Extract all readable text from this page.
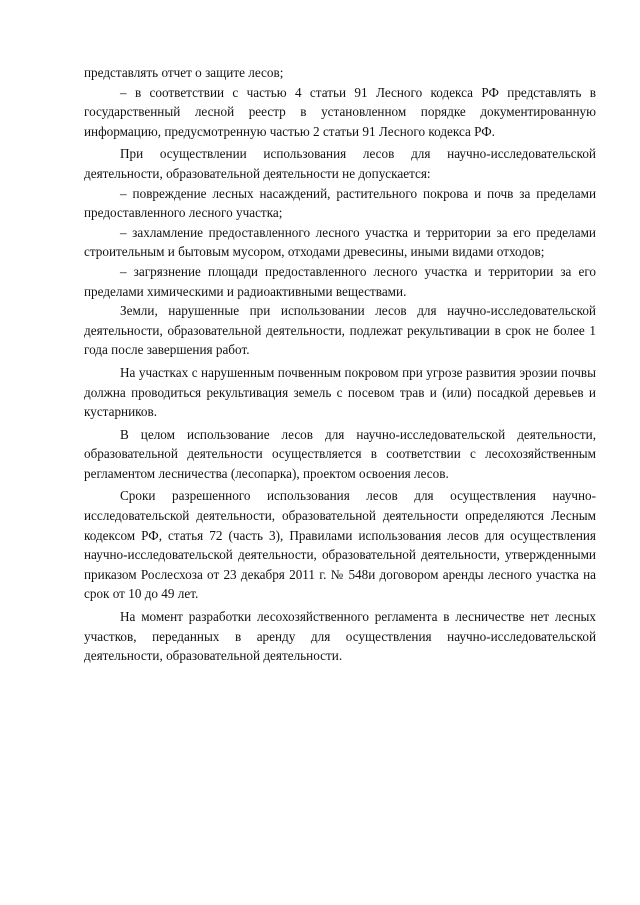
представлять отчет о защите лесов;

– в соответствии с частью 4 статьи 91 Лесного кодекса РФ представлять в государственный лесной реестр в установленном порядке документированную информацию, предусмотренную частью 2 статьи 91 Лесного кодекса РФ.

При осуществлении использования лесов для научно-исследовательской деятельности, образовательной деятельности не допускается:

– повреждение лесных насаждений, растительного покрова и почв за пределами предоставленного лесного участка;

– захламление предоставленного лесного участка и территории за его пределами строительным и бытовым мусором, отходами древесины, иными видами отходов;

– загрязнение площади предоставленного лесного участка и территории за его пределами химическими и радиоактивными веществами.

Земли, нарушенные при использовании лесов для научно-исследовательской деятельности, образовательной деятельности, подлежат рекультивации в срок не более 1 года после завершения работ.

На участках с нарушенным почвенным покровом при угрозе развития эрозии почвы должна проводиться рекультивация земель с посевом трав и (или) посадкой деревьев и кустарников.

В целом использование лесов для научно-исследовательской деятельности, образовательной деятельности осуществляется в соответствии с лесохозяйственным регламентом лесничества (лесопарка), проектом освоения лесов.

Сроки разрешенного использования лесов для осуществления научно-исследовательской деятельности, образовательной деятельности определяются Лесным кодексом РФ, статья 72 (часть 3), Правилами использования лесов для осуществления научно-исследовательской деятельности, образовательной деятельности, утвержденными приказом Рослесхоза от 23 декабря 2011 г. № 548и договором аренды лесного участка на срок от 10 до 49 лет.

На момент разработки лесохозяйственного регламента в лесничестве нет лесных участков, переданных в аренду для осуществления научно-исследовательской деятельности, образовательной деятельности.
